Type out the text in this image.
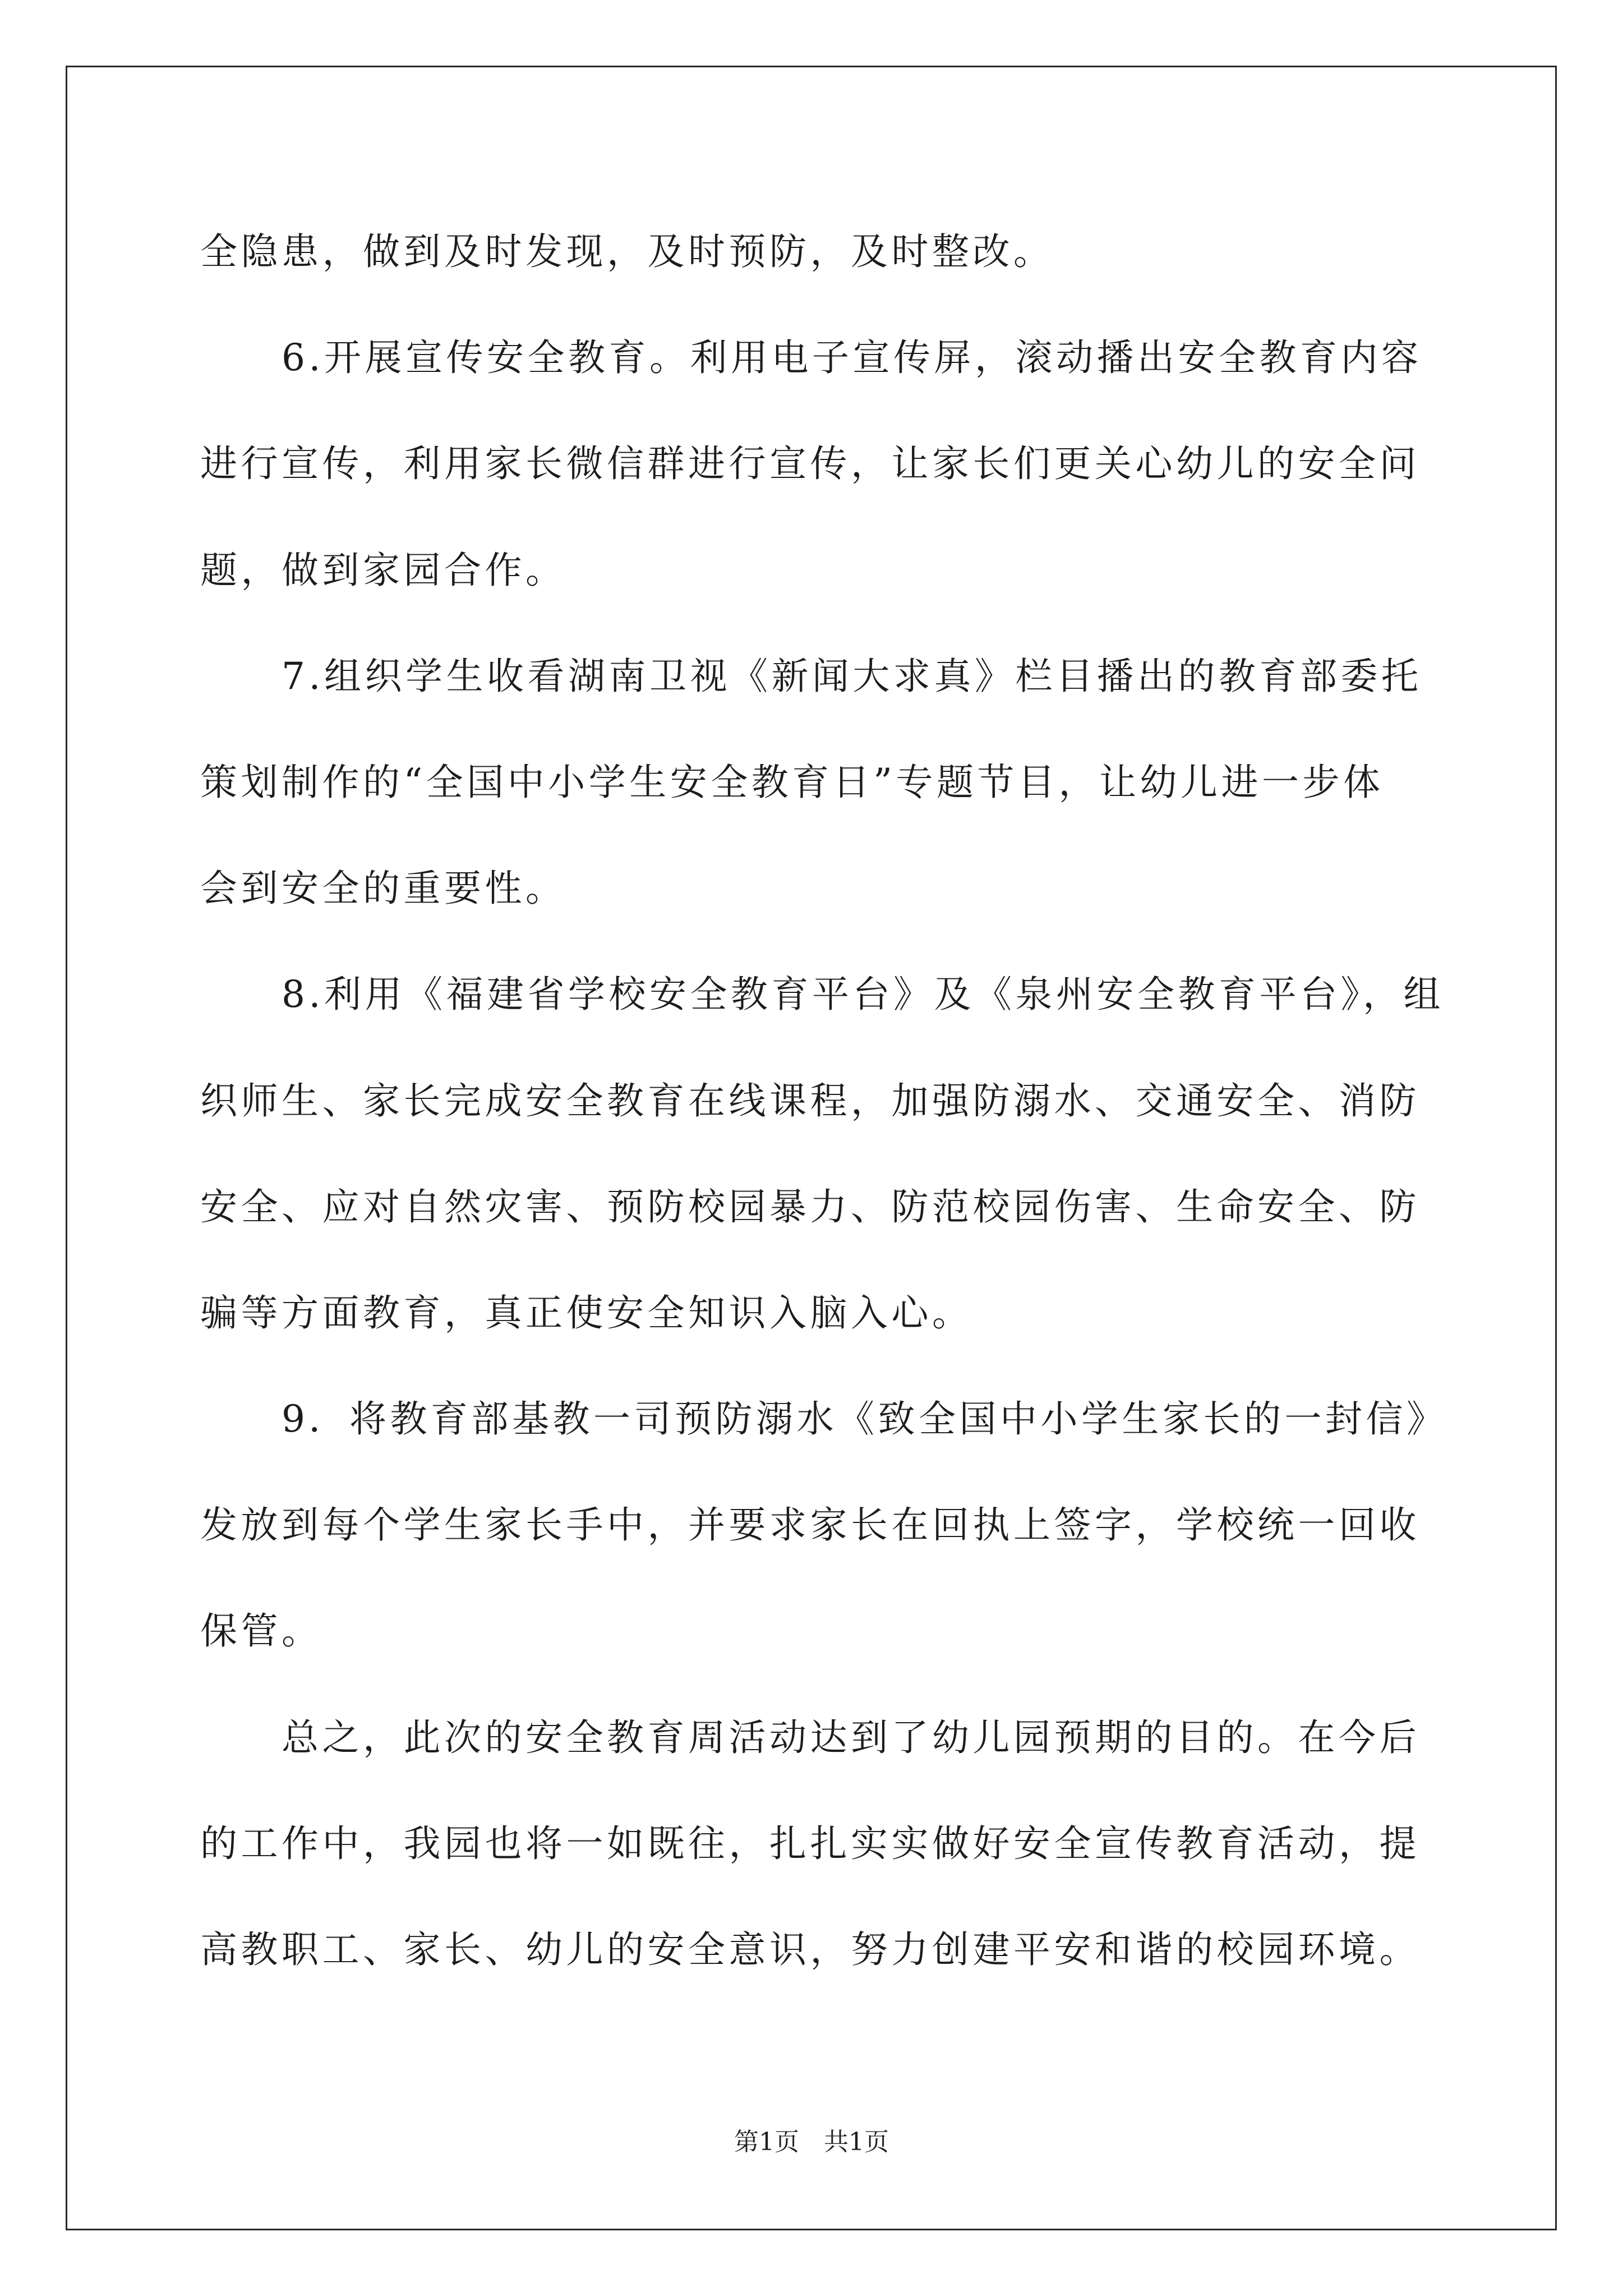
全隐患，做到及时发现，及时预防，及时整改。
6.开展宣传安全教育。利用电子宣传屏，滚动播出安全教育内容
进行宣传，利用家长微信群进行宣传，让家长们更关心幼儿的安全问
题，做到家园合作。
7.组织学生收看湖南卫视《新闻大求真》栏目播出的教育部委托
策划制作的“全国中小学生安全教育日”专题节目，让幼儿进一步体
会到安全的重要性。
8.利用《福建省学校安全教育平台》及《泉州安全教育平台》，组
织师生、家长完成安全教育在线课程，加强防溺水、交通安全、消防
安全、应对自然灾害、预防校园暴力、防范校园伤害、生命安全、防
骗等方面教育，真正使安全知识入脑入心。
9．将教育部基教一司预防溺水《致全国中小学生家长的一封信》
发放到每个学生家长手中，并要求家长在回执上签字，学校统一回收
保管。
总之，此次的安全教育周活动达到了幼儿园预期的目的。在今后
的工作中，我园也将一如既往，扎扎实实做好安全宣传教育活动，提
高教职工、家长、幼儿的安全意识，努力创建平安和谐的校园环境。
第1页　共1页
